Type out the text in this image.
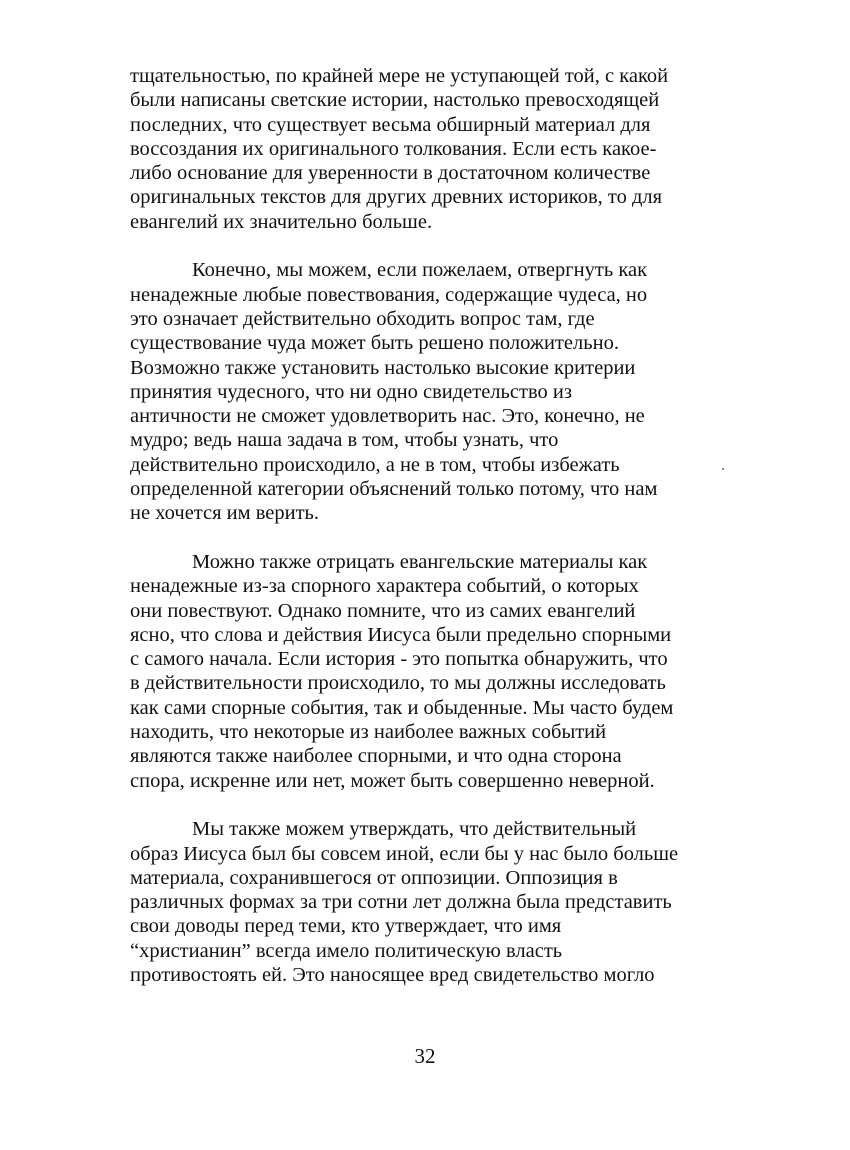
тщательностью, по крайней мере не уступающей той, с какой
были написаны светские истории, настолько превосходящей
последних, что существует весьма обширный материал для
воссоздания их оригинального толкования. Если есть какое-
либо основание для уверенности в достаточном количестве
оригинальных текстов для других древних историков, то для
евангелий их значительно больше.
Конечно, мы можем, если пожелаем, отвергнуть как
ненадежные любые повествования, содержащие чудеса, но
это означает действительно обходить вопрос там, где
существование чуда может быть решено положительно.
Возможно также установить настолько высокие критерии
принятия чудесного, что ни одно свидетельство из
античности не сможет удовлетворить нас. Это, конечно, не
мудро; ведь наша задача в том, чтобы узнать, что
действительно происходило, а не в том, чтобы избежать
определенной категории объяснений только потому, что нам
не хочется им верить.
Можно также отрицать евангельские материалы как
ненадежные из-за спорного характера событий, о которых
они повествуют. Однако помните, что из самих евангелий
ясно, что слова и действия Иисуса были предельно спорными
с самого начала. Если история - это попытка обнаружить, что
в действительности происходило, то мы должны исследовать
как сами спорные события, так и обыденные. Мы часто будем
находить, что некоторые из наиболее важных событий
являются также наиболее спорными, и что одна сторона
спора, искренне или нет, может быть совершенно неверной.
Мы также можем утверждать, что действительный
образ Иисуса был бы совсем иной, если бы у нас было больше
материала, сохранившегося от оппозиции. Оппозиция в
различных формах за три сотни лет должна была представить
свои доводы перед теми, кто утверждает, что имя
“христианин” всегда имело политическую власть
противостоять ей. Это наносящее вред свидетельство могло
32
